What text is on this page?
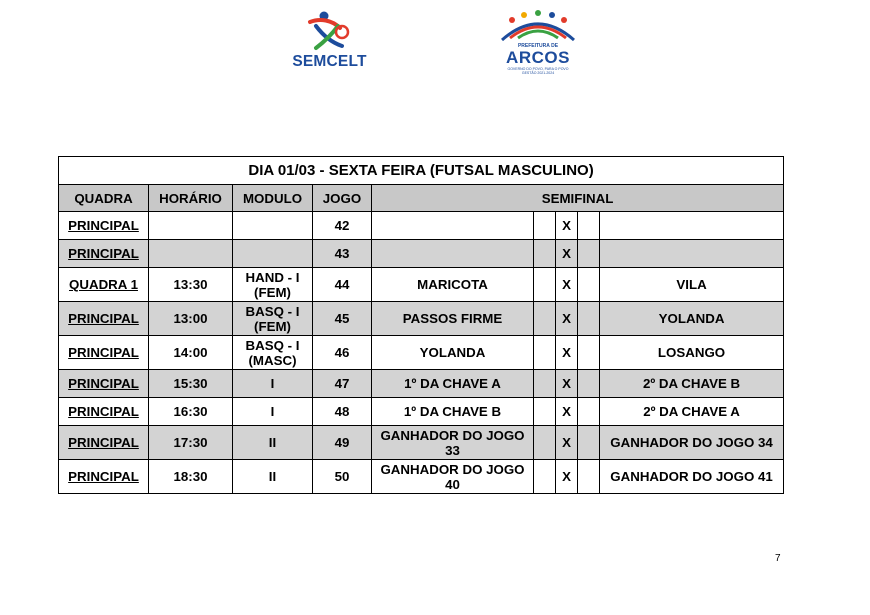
SEMCELT
PREFEITURA DE
ARCOS
GOVERNO DO POVO, PARA O POVO
GESTÃO 2021-2024
DIA 01/03 - SEXTA FEIRA (FUTSAL MASCULINO)								
QUADRA	HORÁRIO	MODULO	JOGO	SEMIFINAL				
PRINCIPAL			42			X		
PRINCIPAL			43			X		
QUADRA 1	13:30	HAND - I (FEM)	44	MARICOTA		X		VILA
PRINCIPAL	13:00	BASQ - I (FEM)	45	PASSOS FIRME		X		YOLANDA
PRINCIPAL	14:00	BASQ - I (MASC)	46	YOLANDA		X		LOSANGO
PRINCIPAL	15:30	I	47	1º DA CHAVE A		X		2º DA CHAVE B
PRINCIPAL	16:30	I	48	1º DA CHAVE B		X		2º DA CHAVE A
PRINCIPAL	17:30	II	49	GANHADOR DO JOGO 33		X		GANHADOR DO JOGO 34
PRINCIPAL	18:30	II	50	GANHADOR DO JOGO 40		X		GANHADOR DO JOGO 41
7
